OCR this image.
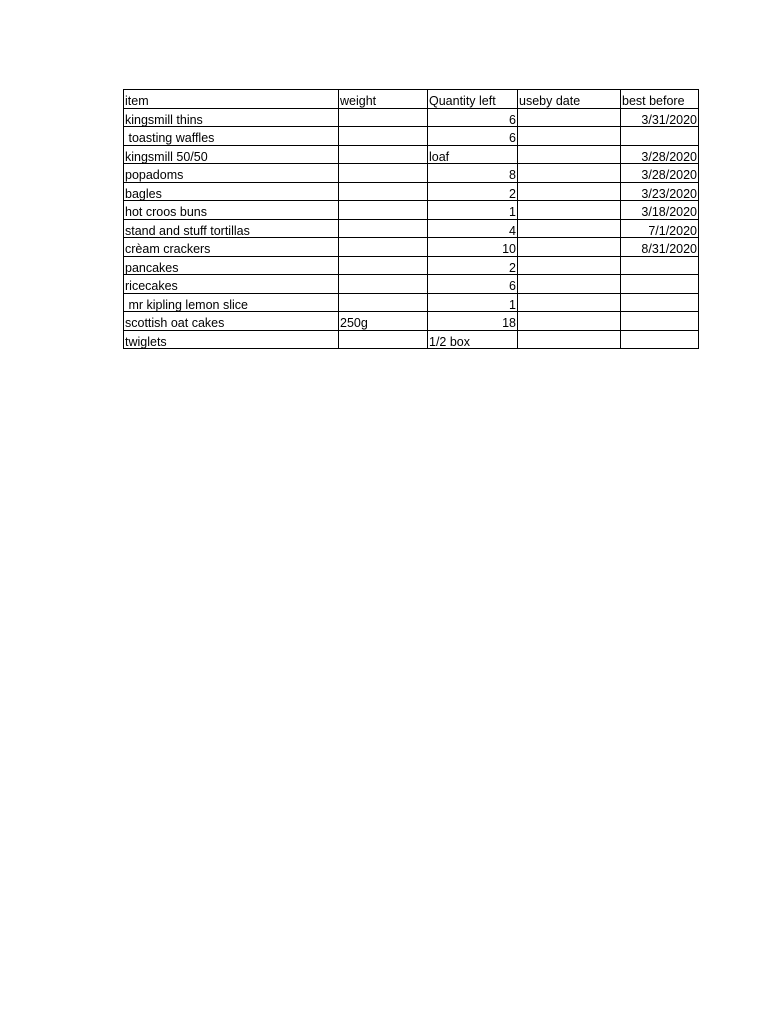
item	weight	Quantity left	useby date	best before
kingsmill thins		6		3/31/2020
toasting waffles		6		
kingsmill 50/50		loaf		3/28/2020
popadoms		8		3/28/2020
bagles		2		3/23/2020
hot croos buns		1		3/18/2020
stand and stuff tortillas		4		7/1/2020
crèam crackers		10		8/31/2020
pancakes		2		
ricecakes		6		
mr kipling lemon slice		1		
scottish oat cakes	250g	18		
twiglets		1/2 box		
